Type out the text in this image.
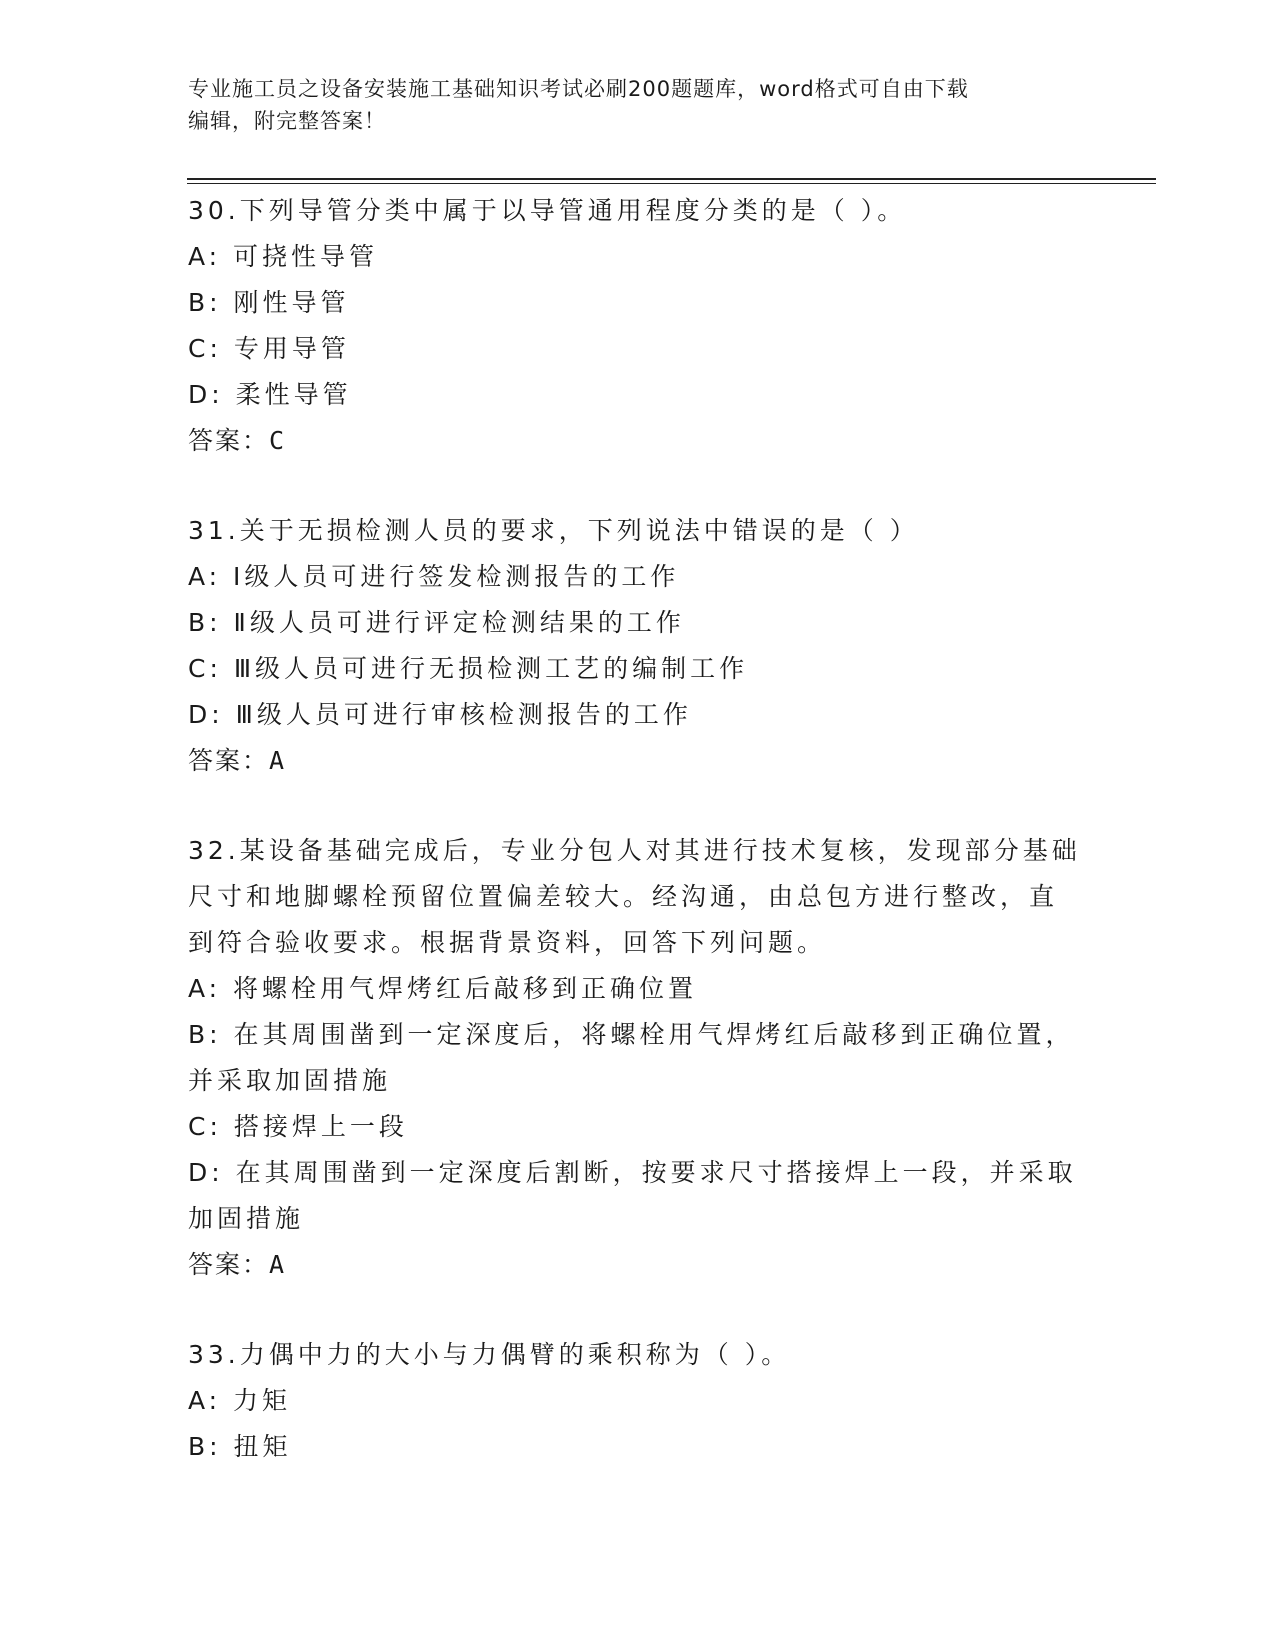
专业施工员之设备安装施工基础知识考试必刷200题题库，word格式可自由下载
编辑，附完整答案！
30.下列导管分类中属于以导管通用程度分类的是（ ）。
A: 可挠性导管
B: 刚性导管
C: 专用导管
D: 柔性导管
答案：C
31.关于无损检测人员的要求，下列说法中错误的是（ ）
A: Ⅰ级人员可进行签发检测报告的工作
B: Ⅱ级人员可进行评定检测结果的工作
C: Ⅲ级人员可进行无损检测工艺的编制工作
D: Ⅲ级人员可进行审核检测报告的工作
答案：A
32.某设备基础完成后，专业分包人对其进行技术复核，发现部分基础
尺寸和地脚螺栓预留位置偏差较大。经沟通，由总包方进行整改，直
到符合验收要求。根据背景资料，回答下列问题。
A: 将螺栓用气焊烤红后敲移到正确位置
B: 在其周围凿到一定深度后，将螺栓用气焊烤红后敲移到正确位置，
并采取加固措施
C: 搭接焊上一段
D: 在其周围凿到一定深度后割断，按要求尺寸搭接焊上一段，并采取
加固措施
答案：A
33.力偶中力的大小与力偶臂的乘积称为（ ）。
A: 力矩
B: 扭矩
